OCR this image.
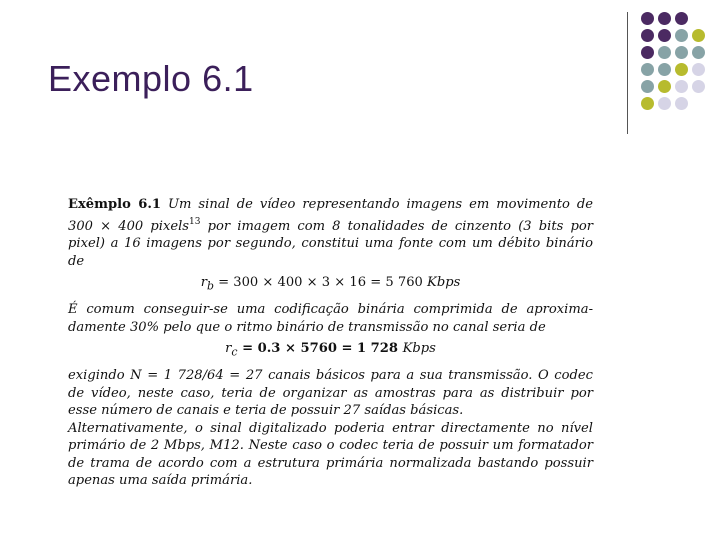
Exemplo 6.1

Exêmplo 6.1 Um sinal de vídeo representando imagens em movimento de 300 × 400 pixels$^{13}$ por imagem com 8 tonalidades de cinzento (3 bits por pixel) a 16 imagens por segundo, constitui uma fonte com um débito binário de

$r_b = 300 \times 400 \times 3 \times 16 = 5$ 760 Kbps

É comum conseguir-se uma codificação binária comprimida de aproxima-damente 30% pelo que o ritmo binário de transmissão no canal seria de

$r_c = 0.3 \times 5760 = 1$ 728 Kbps

exigindo N = 1 728/64 = 27 canais básicos para a sua transmissão. O codec de vídeo, neste caso, teria de organizar as amostras para as distribuir por esse número de canais e teria de possuir 27 saídas básicas.

Alternativamente, o sinal digitalizado poderia entrar directamente no nível primário de 2 Mbps, M12. Neste caso o codec teria de possuir um formatador de trama de acordo com a estrutura primária normalizada bastando possuir apenas uma saída primária.
